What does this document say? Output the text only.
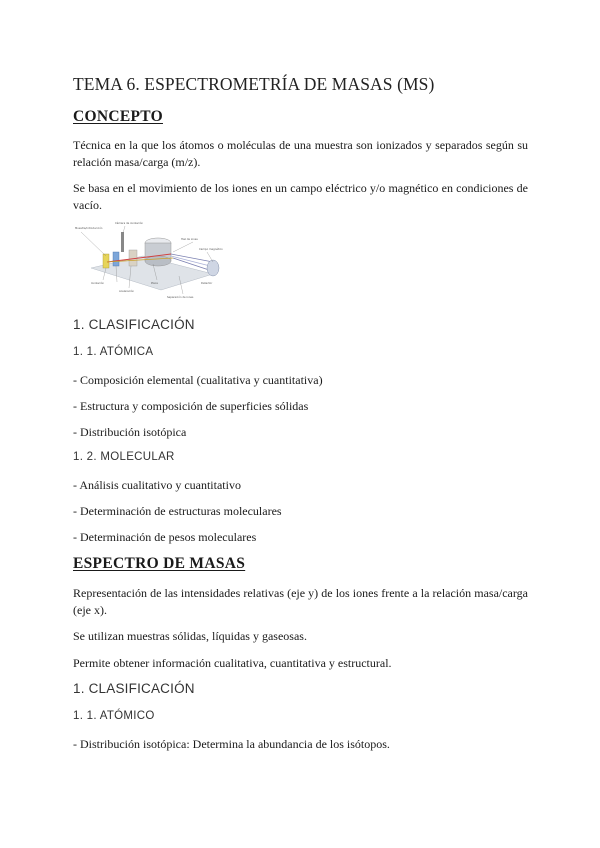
TEMA 6. ESPECTROMETRÍA DE MASAS (MS)
CONCEPTO
Técnica en la que los átomos o moléculas de una muestra son ionizados y separados según su relación masa/carga (m/z).
Se basa en el movimiento de los iones en un campo eléctrico y/o magnético en condiciones de vacío.
Muestra/introducción
Cámara de ionización
Haz de iones
Campo magnético
Detector
Ionización
Aceleración
Placa
Separación de iones
1. CLASIFICACIÓN
1. 1. ATÓMICA
- Composición elemental (cualitativa y cuantitativa)
- Estructura y composición de superficies sólidas
- Distribución isotópica
1. 2. MOLECULAR
- Análisis cualitativo y cuantitativo
- Determinación de estructuras moleculares
- Determinación de pesos moleculares
ESPECTRO DE MASAS
Representación de las intensidades relativas (eje y) de los iones frente a la relación masa/carga (eje x).
Se utilizan muestras sólidas, líquidas y gaseosas.
Permite obtener información cualitativa, cuantitativa y estructural.
1. CLASIFICACIÓN
1. 1. ATÓMICO
- Distribución isotópica: Determina la abundancia de los isótopos.
